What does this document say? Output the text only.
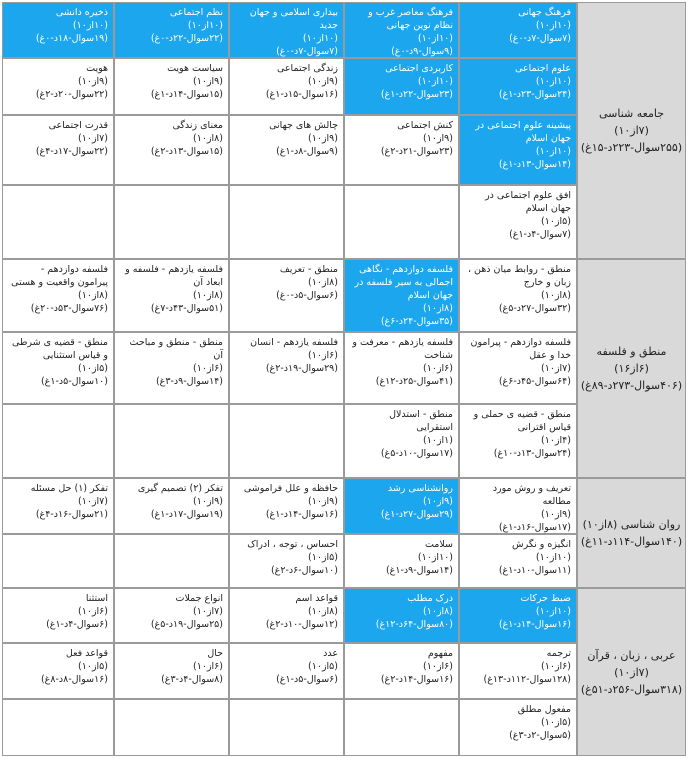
جامعه شناسی (۷از۱۰)
(۲۵۵سوال-۲۲۳د-۱۵غ)
منطق و فلسفه (۶از۱۶)
(۴۰۶سوال-۲۷۳د-۸۹غ)
روان شناسی (۸از۱۰)
(۱۴۰سوال-۱۱۴د-۱۱غ)
عربی ، زبان ، قرآن (۷از۱۰)
(۳۱۸سوال-۲۵۶د-۵۱غ)
فرهنگ جهانی
(۱۰از۱۰)
(۷سوال-۷د-۰غ)
فرهنگ معاصر غرب و نظام نوین جهانی
(۱۰از۱۰)
(۹سوال-۹د-۰غ)
بیداری اسلامی و جهان جدید
(۱۰از۱۰)
(۷سوال-۷د-۰غ)
نظم اجتماعی
(۱۰از۱۰)
(۲۲سوال-۲۲د-۰غ)
ذخیره دانشی
(۱۰از۱۰)
(۱۹سوال-۱۸د-۰غ)
علوم اجتماعی
(۱۰از۱۰)
(۲۴سوال-۲۳د-۱غ)
کاربردی اجتماعی
(۱۰از۱۰)
(۲۳سوال-۲۲د-۱غ)
زندگی اجتماعی
(۹از۱۰)
(۱۶سوال-۱۵د-۱غ)
سیاست هویت
(۹از۱۰)
(۱۵سوال-۱۴د-۱غ)
هویت
(۹از۱۰)
(۲۲سوال-۲۰د-۲غ)
پیشینه علوم اجتماعی در جهان اسلام
(۱۰از۱۰)
(۱۴سوال-۱۳د-۱غ)
کنش اجتماعی
(۹از۱۰)
(۲۳سوال-۲۱د-۲غ)
چالش های جهانی
(۹از۱۰)
(۹سوال-۸د-۱غ)
معنای زندگی
(۸از۱۰)
(۱۵سوال-۱۳د-۲غ)
قدرت اجتماعی
(۷از۱۰)
(۲۲سوال-۱۷د-۴غ)
افق علوم اجتماعی در جهان اسلام
(۵از۱۰)
(۷سوال-۴د-۱غ)
منطق - روابط میان ذهن ، زبان و خارج
(۸از۱۰)
(۳۲سوال-۲۷د-۵غ)
فلسفه دوازدهم - نگاهی اجمالی به سیر فلسفه در جهان اسلام
(۸از۱۰)
(۳۵سوال-۲۴د-۶غ)
منطق - تعریف
(۸از۱۰)
(۶سوال-۵د-۰غ)
فلسفه یازدهم - فلسفه و ابعاد آن
(۸از۱۰)
(۵۱سوال-۴۳د-۷غ)
فلسفه دوازدهم - پیرامون واقعیت و هستی
(۸از۱۰)
(۷۶سوال-۵۳د-۲۰غ)
فلسفه دوازدهم - پیرامون خدا و عقل
(۷از۱۰)
(۶۴سوال-۴۵د-۶غ)
فلسفه یازدهم - معرفت و شناخت
(۶از۱۰)
(۴۱سوال-۲۵د-۱۲غ)
فلسفه یازدهم - انسان
(۶از۱۰)
(۲۹سوال-۱۹د-۲غ)
منطق - منطق و مباحث آن
(۶از۱۰)
(۱۴سوال-۹د-۳غ)
منطق - قضیه ی شرطی و قیاس استثنایی
(۵از۱۰)
(۱۰سوال-۵د-۱غ)
منطق - قضیه ی حملی و قیاس اقترانی
(۴از۱۰)
(۲۴سوال-۱۳د-۱۰غ)
منطق - استدلال استقرایی
(۱از۱۰)
(۱۷سوال-۱۰د-۵غ)
تعریف و روش مورد مطالعه
(۹از۱۰)
(۱۷سوال-۱۶د-۱غ)
روانشناسی رشد
(۹از۱۰)
(۲۹سوال-۲۷د-۱غ)
حافظه و علل فراموشی
(۹از۱۰)
(۱۶سوال-۱۴د-۱غ)
تفکر (۲) تصمیم گیری
(۹از۱۰)
(۱۹سوال-۱۷د-۱غ)
تفکر (۱) حل مسئله
(۷از۱۰)
(۲۱سوال-۱۶د-۴غ)
انگیزه و نگرش
(۱۰از۱۰)
(۱۱سوال-۱۰د-۱غ)
سلامت
(۱۰از۱۰)
(۱۴سوال-۹د-۱غ)
احساس ، توجه ، ادراک
(۵از۱۰)
(۱۰سوال-۶د-۲غ)
ضبط حرکات
(۱۰از۱۰)
(۱۶سوال-۱۴د-۱غ)
درک مطلب
(۸از۱۰)
(۸۰سوال-۶۴د-۱۲غ)
قواعد اسم
(۸از۱۰)
(۱۲سوال-۱۰د-۲غ)
انواع جملات
(۷از۱۰)
(۲۵سوال-۱۹د-۵غ)
استثنا
(۶از۱۰)
(۶سوال-۴د-۱غ)
ترجمه
(۶از۱۰)
(۱۲۸سوال-۱۱۲د-۱۳غ)
مفهوم
(۶از۱۰)
(۱۶سوال-۱۴د-۲غ)
عدد
(۵از۱۰)
(۶سوال-۵د-۱غ)
حال
(۶از۱۰)
(۸سوال-۴د-۳غ)
قواعد فعل
(۵از۱۰)
(۱۶سوال-۸د-۸غ)
مفعول مطلق
(۵از۱۰)
(۵سوال-۲د-۳غ)
